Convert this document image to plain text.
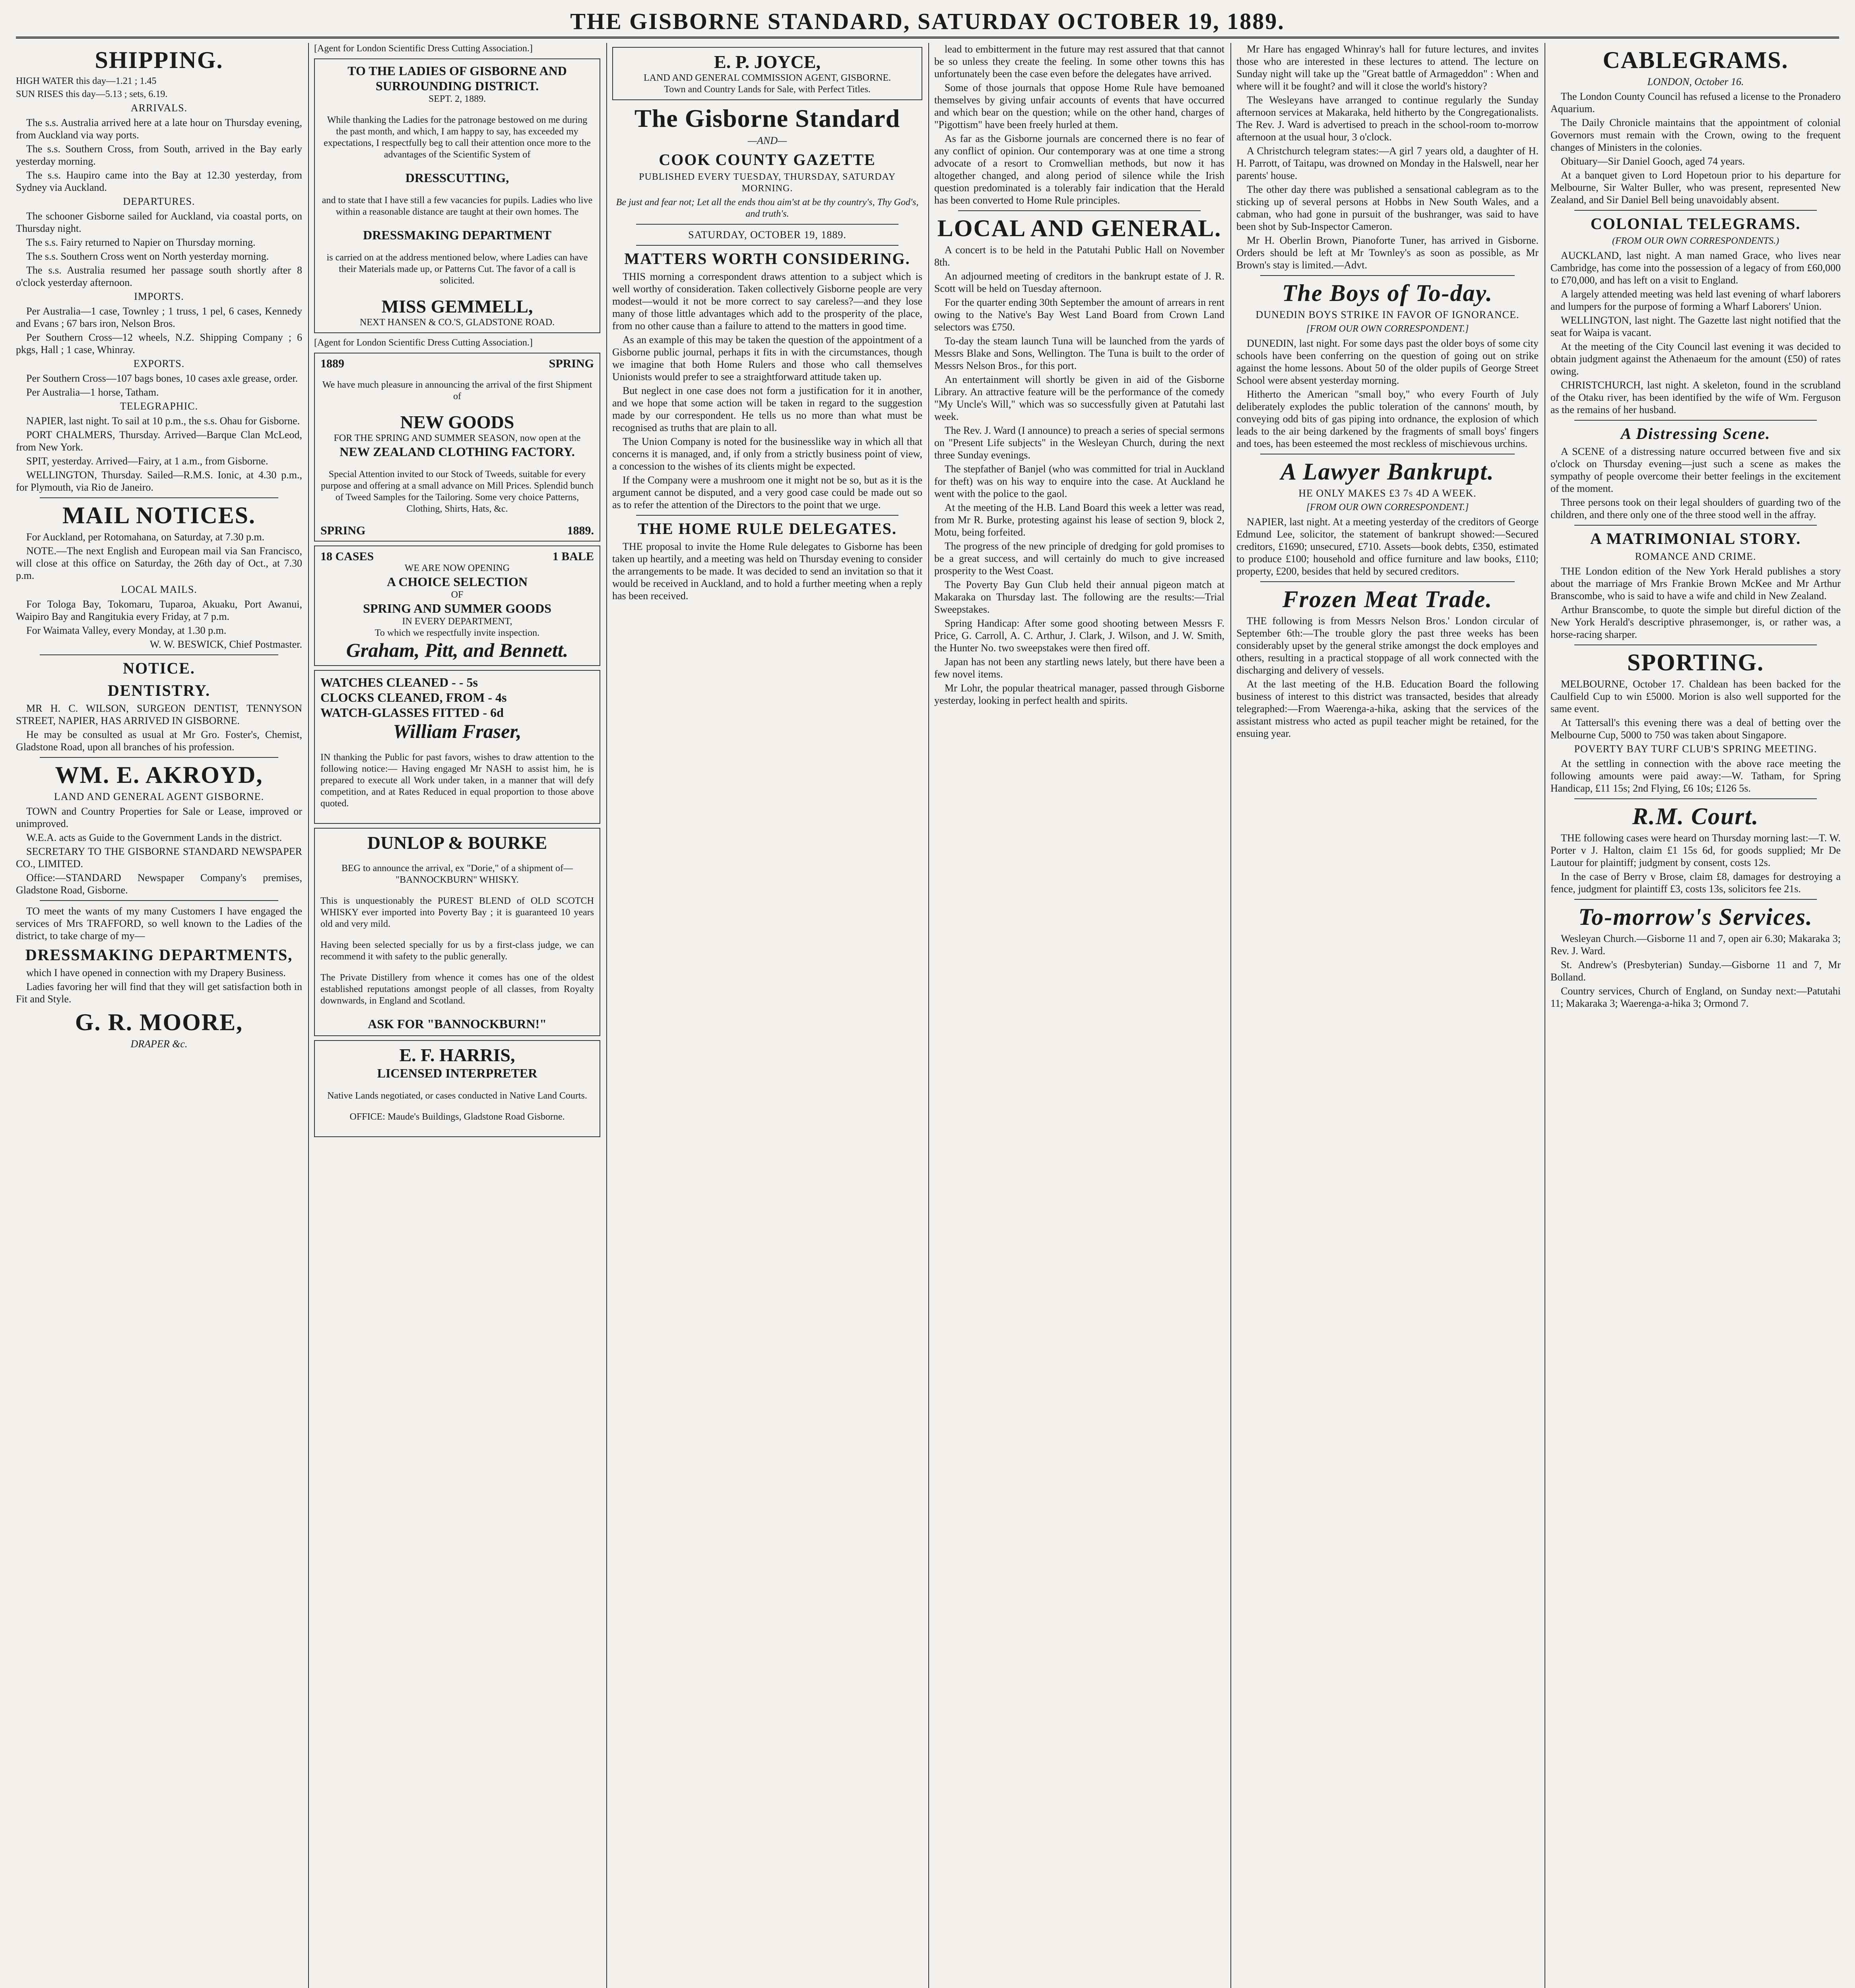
THE GISBORNE STANDARD, SATURDAY OCTOBER 19, 1889.
SHIPPING.
HIGH WATER this day—1.21 ; 1.45
SUN RISES this day—5.13 ; sets, 6.19.
ARRIVALS.

The s.s. Australia arrived here at a late hour on Thursday evening, from Auckland via way ports.

The s.s. Southern Cross, from South, arrived in the Bay early yesterday morning.

The s.s. Haupiro came into the Bay at 12.30 yesterday, from Sydney via Auckland.

DEPARTURES.

The schooner Gisborne sailed for Auckland, via coastal ports, on Thursday night.

The s.s. Fairy returned to Napier on Thursday morning.

The s.s. Southern Cross went on North yesterday morning.

The s.s. Australia resumed her passage south shortly after 8 o'clock yesterday afternoon.

IMPORTS.

Per Australia—1 case, Townley ; 1 truss, 1 pel, 6 cases, Kennedy and Evans ; 67 bars iron, Nelson Bros.

Per Southern Cross—12 wheels, N.Z. Shipping Company ; 6 pkgs, Hall ; 1 case, Whinray.

EXPORTS.

Per Southern Cross—107 bags bones, 10 cases axle grease, order.

Per Australia—1 horse, Tatham.

TELEGRAPHIC.

NAPIER, last night. To sail at 10 p.m., the s.s. Ohau for Gisborne.

PORT CHALMERS, Thursday. Arrived—Barque Clan McLeod, from New York.

SPIT, yesterday. Arrived—Fairy, at 1 a.m., from Gisborne.

WELLINGTON, Thursday. Sailed—R.M.S. Ionic, at 4.30 p.m., for Plymouth, via Rio de Janeiro.

MAIL NOTICES.

For Auckland, per Rotomahana, on Saturday, at 7.30 p.m.

NOTE.—The next English and European mail via San Francisco, will close at this office on Saturday, the 26th day of Oct., at 7.30 p.m.

LOCAL MAILS.

For Tologa Bay, Tokomaru, Tuparoa, Akuaku, Port Awanui, Waipiro Bay and Rangitukia every Friday, at 7 p.m.

For Waimata Valley, every Monday, at 1.30 p.m.

W. W. BESWICK, Chief Postmaster.

NOTICE.
DENTISTRY.

MR H. C. WILSON, SURGEON DENTIST, TENNYSON STREET, NAPIER, HAS ARRIVED IN GISBORNE.

He may be consulted as usual at Mr Gro. Foster's, Chemist, Gladstone Road, upon all branches of his profession.

WM. E. AKROYD,
LAND AND GENERAL AGENT GISBORNE.

TOWN and Country Properties for Sale or Lease, improved or unimproved.

W.E.A. acts as Guide to the Government Lands in the district.

SECRETARY TO THE GISBORNE STANDARD NEWSPAPER CO., LIMITED.

Office:—STANDARD Newspaper Company's premises, Gladstone Road, Gisborne.

TO meet the wants of my many Customers I have engaged the services of Mrs TRAFFORD, so well known to the Ladies of the district, to take charge of my—

DRESSMAKING DEPARTMENTS,

which I have opened in connection with my Drapery Business.

Ladies favoring her will find that they will get satisfaction both in Fit and Style.

G. R. MOORE,
DRAPER &c.

[Agent for London Scientific Dress Cutting Association.]

TO THE LADIES OF GISBORNE AND SURROUNDING DISTRICT.
SEPT. 2, 1889.

While thanking the Ladies for the patronage bestowed on me during the past month, and which, I am happy to say, has exceeded my expectations, I respectfully beg to call their attention once more to the advantages of the Scientific System of

DRESSCUTTING,

and to state that I have still a few vacancies for pupils. Ladies who live within a reasonable distance are taught at their own homes. The

DRESSMAKING DEPARTMENT

is carried on at the address mentioned below, where Ladies can have their Materials made up, or Patterns Cut. The favor of a call is solicited.

MISS GEMMELL,
NEXT HANSEN & CO.'S, GLADSTONE ROAD.

[Agent for London Scientific Dress Cutting Association.]

1889	SPRING

We have much pleasure in announcing the arrival of the first Shipment of

NEW GOODS
FOR THE SPRING AND SUMMER SEASON, now open at the
NEW ZEALAND CLOTHING FACTORY.

Special Attention invited to our Stock of Tweeds, suitable for every purpose and offering at a small advance on Mill Prices. Splendid bunch of Tweed Samples for the Tailoring. Some very choice Patterns, Clothing, Shirts, Hats, &c.

SPRING	1889.
18 CASES	1 BALE
WE ARE NOW OPENING
A CHOICE SELECTION
OF
SPRING AND SUMMER GOODS
IN EVERY DEPARTMENT,
To which we respectfully invite inspection.
Graham, Pitt, and Bennett.
WATCHES CLEANED - - 5s
CLOCKS CLEANED, FROM - 4s
WATCH-GLASSES FITTED - 6d
William Fraser,

IN thanking the Public for past favors, wishes to draw attention to the following notice:— Having engaged Mr NASH to assist him, he is prepared to execute all Work under taken, in a manner that will defy competition, and at Rates Reduced in equal proportion to those above quoted.

DUNLOP & BOURKE

BEG to announce the arrival, ex "Dorie," of a shipment of— "BANNOCKBURN" WHISKY.

This is unquestionably the PUREST BLEND of OLD SCOTCH WHISKY ever imported into Poverty Bay ; it is guaranteed 10 years old and very mild.

Having been selected specially for us by a first-class judge, we can recommend it with safety to the public generally.

The Private Distillery from whence it comes has one of the oldest established reputations amongst people of all classes, from Royalty downwards, in England and Scotland.

ASK FOR "BANNOCKBURN!"
E. F. HARRIS,
LICENSED INTERPRETER

Native Lands negotiated, or cases conducted in Native Land Courts.

OFFICE: Maude's Buildings, Gladstone Road Gisborne.

E. P. JOYCE,
LAND AND GENERAL COMMISSION AGENT, GISBORNE.
Town and Country Lands for Sale, with Perfect Titles.
The Gisborne Standard
—AND—
COOK COUNTY GAZETTE
PUBLISHED EVERY TUESDAY, THURSDAY, SATURDAY MORNING.
Be just and fear not; Let all the ends thou aim'st at be thy country's, Thy God's, and truth's.
SATURDAY, OCTOBER 19, 1889.
MATTERS WORTH CONSIDERING.

THIS morning a correspondent draws attention to a subject which is well worthy of consideration. Taken collectively Gisborne people are very modest—would it not be more correct to say careless?—and they lose many of those little advantages which add to the prosperity of the place, from no other cause than a failure to attend to the matters in good time.

As an example of this may be taken the question of the appointment of a Gisborne public journal, perhaps it fits in with the circumstances, though we imagine that both Home Rulers and those who call themselves Unionists would prefer to see a straightforward attitude taken up.

But neglect in one case does not form a justification for it in another, and we hope that some action will be taken in regard to the suggestion made by our correspondent. He tells us no more than what must be recognised as truths that are plain to all.

The Union Company is noted for the businesslike way in which all that concerns it is managed, and, if only from a strictly business point of view, a concession to the wishes of its clients might be expected.

If the Company were a mushroom one it might not be so, but as it is the argument cannot be disputed, and a very good case could be made out so as to refer the attention of the Directors to the point that we urge.

THE HOME RULE DELEGATES.

THE proposal to invite the Home Rule delegates to Gisborne has been taken up heartily, and a meeting was held on Thursday evening to consider the arrangements to be made. It was decided to send an invitation so that it would be received in Auckland, and to hold a further meeting when a reply has been received.

lead to embitterment in the future may rest assured that that cannot be so unless they create the feeling. In some other towns this has unfortunately been the case even before the delegates have arrived.

Some of those journals that oppose Home Rule have bemoaned themselves by giving unfair accounts of events that have occurred and which bear on the question; while on the other hand, charges of "Pigottism" have been freely hurled at them.

As far as the Gisborne journals are concerned there is no fear of any conflict of opinion. Our contemporary was at one time a strong advocate of a resort to Cromwellian methods, but now it has altogether changed, and along period of silence while the Irish question predominated is a tolerably fair indication that the Herald has been converted to Home Rule principles.

LOCAL AND GENERAL.

A concert is to be held in the Patutahi Public Hall on November 8th.

An adjourned meeting of creditors in the bankrupt estate of J. R. Scott will be held on Tuesday afternoon.

For the quarter ending 30th September the amount of arrears in rent owing to the Native's Bay West Land Board from Crown Land selectors was £750.

To-day the steam launch Tuna will be launched from the yards of Messrs Blake and Sons, Wellington. The Tuna is built to the order of Messrs Nelson Bros., for this port.

An entertainment will shortly be given in aid of the Gisborne Library. An attractive feature will be the performance of the comedy "My Uncle's Will," which was so successfully given at Patutahi last week.

The Rev. J. Ward (I announce) to preach a series of special sermons on "Present Life subjects" in the Wesleyan Church, during the next three Sunday evenings.

The stepfather of Banjel (who was committed for trial in Auckland for theft) was on his way to enquire into the case. At Auckland he went with the police to the gaol.

At the meeting of the H.B. Land Board this week a letter was read, from Mr R. Burke, protesting against his lease of section 9, block 2, Motu, being forfeited.

The progress of the new principle of dredging for gold promises to be a great success, and will certainly do much to give increased prosperity to the West Coast.

The Poverty Bay Gun Club held their annual pigeon match at Makaraka on Thursday last. The following are the results:—Trial Sweepstakes.

Spring Handicap: After some good shooting between Messrs F. Price, G. Carroll, A. C. Arthur, J. Clark, J. Wilson, and J. W. Smith, the Hunter No. two sweepstakes were then fired off.

Japan has not been any startling news lately, but there have been a few novel items.

Mr Lohr, the popular theatrical manager, passed through Gisborne yesterday, looking in perfect health and spirits.

Mr Hare has engaged Whinray's hall for future lectures, and invites those who are interested in these lectures to attend. The lecture on Sunday night will take up the "Great battle of Armageddon" : When and where will it be fought? and will it close the world's history?

The Wesleyans have arranged to continue regularly the Sunday afternoon services at Makaraka, held hitherto by the Congregationalists. The Rev. J. Ward is advertised to preach in the school-room to-morrow afternoon at the usual hour, 3 o'clock.

A Christchurch telegram states:—A girl 7 years old, a daughter of H. H. Parrott, of Taitapu, was drowned on Monday in the Halswell, near her parents' house.

The other day there was published a sensational cablegram as to the sticking up of several persons at Hobbs in New South Wales, and a cabman, who had gone in pursuit of the bushranger, was said to have been shot by Sub-Inspector Cameron.

Mr H. Oberlin Brown, Pianoforte Tuner, has arrived in Gisborne. Orders should be left at Mr Townley's as soon as possible, as Mr Brown's stay is limited.—Advt.

The Boys of To-day.
DUNEDIN BOYS STRIKE IN FAVOR OF IGNORANCE.
[FROM OUR OWN CORRESPONDENT.]

DUNEDIN, last night. For some days past the older boys of some city schools have been conferring on the question of going out on strike against the home lessons. About 50 of the older pupils of George Street School were absent yesterday morning.

Hitherto the American "small boy," who every Fourth of July deliberately explodes the public toleration of the cannons' mouth, by conveying odd bits of gas piping into ordnance, the explosion of which leads to the air being darkened by the fragments of small boys' fingers and toes, has been esteemed the most reckless of mischievous urchins.

A Lawyer Bankrupt.
HE ONLY MAKES £3 7s 4D A WEEK.
[FROM OUR OWN CORRESPONDENT.]

NAPIER, last night. At a meeting yesterday of the creditors of George Edmund Lee, solicitor, the statement of bankrupt showed:—Secured creditors, £1690; unsecured, £710. Assets—book debts, £350, estimated to produce £100; household and office furniture and law books, £110; property, £200, besides that held by secured creditors.

Frozen Meat Trade.

THE following is from Messrs Nelson Bros.' London circular of September 6th:—The trouble glory the past three weeks has been considerably upset by the general strike amongst the dock employes and others, resulting in a practical stoppage of all work connected with the discharging and delivery of vessels.

At the last meeting of the H.B. Education Board the following business of interest to this district was transacted, besides that already telegraphed:—From Waerenga-a-hika, asking that the services of the assistant mistress who acted as pupil teacher might be retained, for the ensuing year.

CABLEGRAMS.
LONDON, October 16.

The London County Council has refused a license to the Pronadero Aquarium.

The Daily Chronicle maintains that the appointment of colonial Governors must remain with the Crown, owing to the frequent changes of Ministers in the colonies.

Obituary—Sir Daniel Gooch, aged 74 years.

At a banquet given to Lord Hopetoun prior to his departure for Melbourne, Sir Walter Buller, who was present, represented New Zealand, and Sir Daniel Bell being unavoidably absent.

COLONIAL TELEGRAMS.
(FROM OUR OWN CORRESPONDENTS.)

AUCKLAND, last night. A man named Grace, who lives near Cambridge, has come into the possession of a legacy of from £60,000 to £70,000, and has left on a visit to England.

A largely attended meeting was held last evening of wharf laborers and lumpers for the purpose of forming a Wharf Laborers' Union.

WELLINGTON, last night. The Gazette last night notified that the seat for Waipa is vacant.

At the meeting of the City Council last evening it was decided to obtain judgment against the Athenaeum for the amount (£50) of rates owing.

CHRISTCHURCH, last night. A skeleton, found in the scrubland of the Otaku river, has been identified by the wife of Wm. Ferguson as the remains of her husband.

A Distressing Scene.

A SCENE of a distressing nature occurred between five and six o'clock on Thursday evening—just such a scene as makes the sympathy of people overcome their better feelings in the excitement of the moment.

Three persons took on their legal shoulders of guarding two of the children, and there only one of the three stood well in the affray.

A MATRIMONIAL STORY.
ROMANCE AND CRIME.

THE London edition of the New York Herald publishes a story about the marriage of Mrs Frankie Brown McKee and Mr Arthur Branscombe, who is said to have a wife and child in New Zealand.

Arthur Branscombe, to quote the simple but direful diction of the New York Herald's descriptive phrasemonger, is, or rather was, a horse-racing sharper.

SPORTING.

MELBOURNE, October 17. Chaldean has been backed for the Caulfield Cup to win £5000. Morion is also well supported for the same event.

At Tattersall's this evening there was a deal of betting over the Melbourne Cup, 5000 to 750 was taken about Singapore.

POVERTY BAY TURF CLUB'S SPRING MEETING.

At the settling in connection with the above race meeting the following amounts were paid away:—W. Tatham, for Spring Handicap, £11 15s; 2nd Flying, £6 10s; £126 5s.

R.M. Court.

THE following cases were heard on Thursday morning last:—T. W. Porter v J. Halton, claim £1 15s 6d, for goods supplied; Mr De Lautour for plaintiff; judgment by consent, costs 12s.

In the case of Berry v Brose, claim £8, damages for destroying a fence, judgment for plaintiff £3, costs 13s, solicitors fee 21s.

To-morrow's Services.

Wesleyan Church.—Gisborne 11 and 7, open air 6.30; Makaraka 3; Rev. J. Ward.

St. Andrew's (Presbyterian) Sunday.—Gisborne 11 and 7, Mr Bolland.

Country services, Church of England, on Sunday next:—Patutahi 11; Makaraka 3; Waerenga-a-hika 3; Ormond 7.
